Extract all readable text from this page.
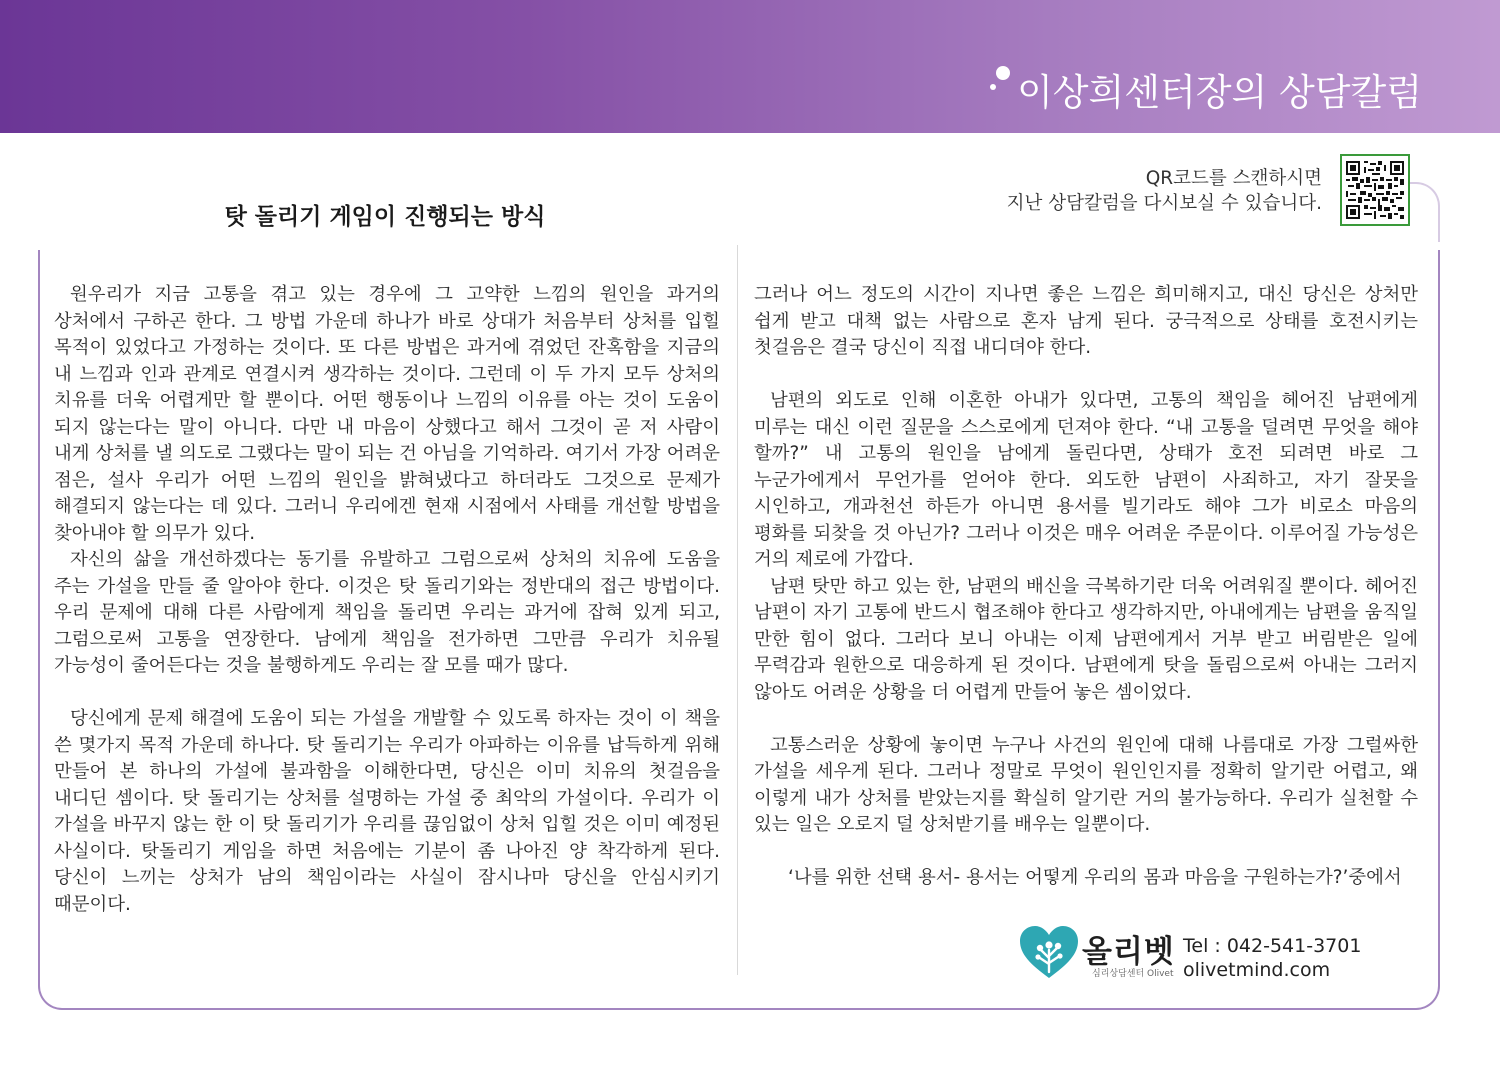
이상희센터장의 상담칼럼
탓 돌리기 게임이 진행되는 방식
QR코드를 스캔하시면
지난 상담칼럼을 다시보실 수 있습니다.

원우리가 지금 고통을 겪고 있는 경우에 그 고약한 느낌의 원인을 과거의 상처에서 구하곤 한다. 그 방법 가운데 하나가 바로 상대가 처음부터 상처를 입힐 목적이 있었다고 가정하는 것이다. 또 다른 방법은 과거에 겪었던 잔혹함을 지금의 내 느낌과 인과 관계로 연결시켜 생각하는 것이다. 그런데 이 두 가지 모두 상처의 치유를 더욱 어렵게만 할 뿐이다. 어떤 행동이나 느낌의 이유를 아는 것이 도움이 되지 않는다는 말이 아니다. 다만 내 마음이 상했다고 해서 그것이 곧 저 사람이 내게 상처를 낼 의도로 그랬다는 말이 되는 건 아님을 기억하라. 여기서 가장 어려운 점은, 설사 우리가 어떤 느낌의 원인을 밝혀냈다고 하더라도 그것으로 문제가 해결되지 않는다는 데 있다. 그러니 우리에겐 현재 시점에서 사태를 개선할 방법을 찾아내야 할 의무가 있다.

자신의 삶을 개선하겠다는 동기를 유발하고 그럼으로써 상처의 치유에 도움을 주는 가설을 만들 줄 알아야 한다. 이것은 탓 돌리기와는 정반대의 접근 방법이다. 우리 문제에 대해 다른 사람에게 책임을 돌리면 우리는 과거에 잡혀 있게 되고, 그럼으로써 고통을 연장한다. 남에게 책임을 전가하면 그만큼 우리가 치유될 가능성이 줄어든다는 것을 불행하게도 우리는 잘 모를 때가 많다.

당신에게 문제 해결에 도움이 되는 가설을 개발할 수 있도록 하자는 것이 이 책을 쓴 몇가지 목적 가운데 하나다. 탓 돌리기는 우리가 아파하는 이유를 납득하게 위해 만들어 본 하나의 가설에 불과함을 이해한다면, 당신은 이미 치유의 첫걸음을 내디딘 셈이다. 탓 돌리기는 상처를 설명하는 가설 중 최악의 가설이다. 우리가 이 가설을 바꾸지 않는 한 이 탓 돌리기가 우리를 끊임없이 상처 입힐 것은 이미 예정된 사실이다. 탓돌리기 게임을 하면 처음에는 기분이 좀 나아진 양 착각하게 된다. 당신이 느끼는 상처가 남의 책임이라는 사실이 잠시나마 당신을 안심시키기 때문이다.

그러나 어느 정도의 시간이 지나면 좋은 느낌은 희미해지고, 대신 당신은 상처만 쉽게 받고 대책 없는 사람으로 혼자 남게 된다. 궁극적으로 상태를 호전시키는 첫걸음은 결국 당신이 직접 내디뎌야 한다.

남편의 외도로 인해 이혼한 아내가 있다면, 고통의 책임을 헤어진 남편에게 미루는 대신 이런 질문을 스스로에게 던져야 한다. “내 고통을 덜려면 무엇을 해야 할까?” 내 고통의 원인을 남에게 돌린다면, 상태가 호전 되려면 바로 그 누군가에게서 무언가를 얻어야 한다. 외도한 남편이 사죄하고, 자기 잘못을 시인하고, 개과천선 하든가 아니면 용서를 빌기라도 해야 그가 비로소 마음의 평화를 되찾을 것 아닌가? 그러나 이것은 매우 어려운 주문이다. 이루어질 가능성은 거의 제로에 가깝다.

남편 탓만 하고 있는 한, 남편의 배신을 극복하기란 더욱 어려워질 뿐이다. 헤어진 남편이 자기 고통에 반드시 협조해야 한다고 생각하지만, 아내에게는 남편을 움직일 만한 힘이 없다. 그러다 보니 아내는 이제 남편에게서 거부 받고 버림받은 일에 무력감과 원한으로 대응하게 된 것이다. 남편에게 탓을 돌림으로써 아내는 그러지 않아도 어려운 상황을 더 어렵게 만들어 놓은 셈이었다.

고통스러운 상황에 놓이면 누구나 사건의 원인에 대해 나름대로 가장 그럴싸한 가설을 세우게 된다. 그러나 정말로 무엇이 원인인지를 정확히 알기란 어렵고, 왜 이렇게 내가 상처를 받았는지를 확실히 알기란 거의 불가능하다. 우리가 실천할 수 있는 일은 오로지 덜 상처받기를 배우는 일뿐이다.

‘나를 위한 선택 용서- 용서는 어떻게 우리의 몸과 마음을 구원하는가?’중에서

올리벳
심리상담센터 Olivet
Tel : 042-541-3701
olivetmind.com
